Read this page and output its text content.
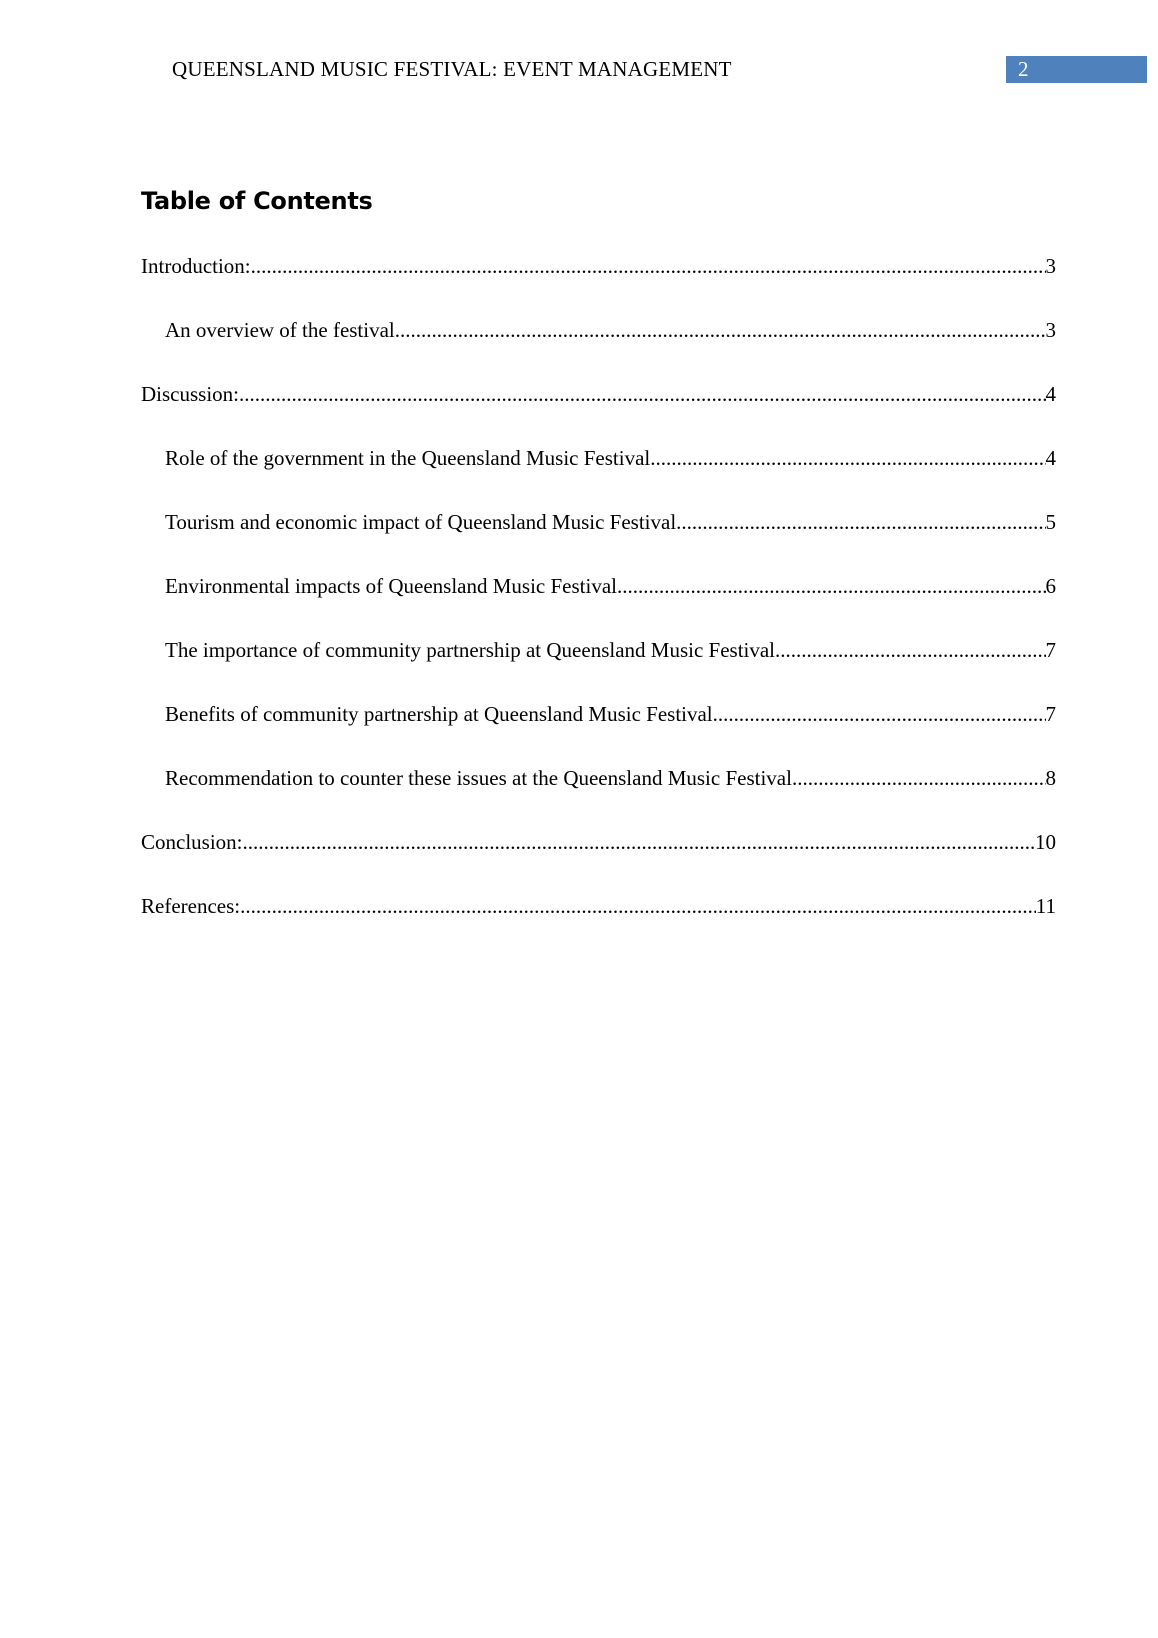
QUEENSLAND MUSIC FESTIVAL: EVENT MANAGEMENT	2
Table of Contents
Introduction: .....	3
An overview of the festival .....	3
Discussion: .....	4
Role of the government in the Queensland Music Festival .....	4
Tourism and economic impact of Queensland Music Festival .....	5
Environmental impacts of Queensland Music Festival .....	6
The importance of community partnership at Queensland Music Festival .....	7
Benefits of community partnership at Queensland Music Festival .....	7
Recommendation to counter these issues at the Queensland Music Festival .....	8
Conclusion: .....	10
References: .....	11
